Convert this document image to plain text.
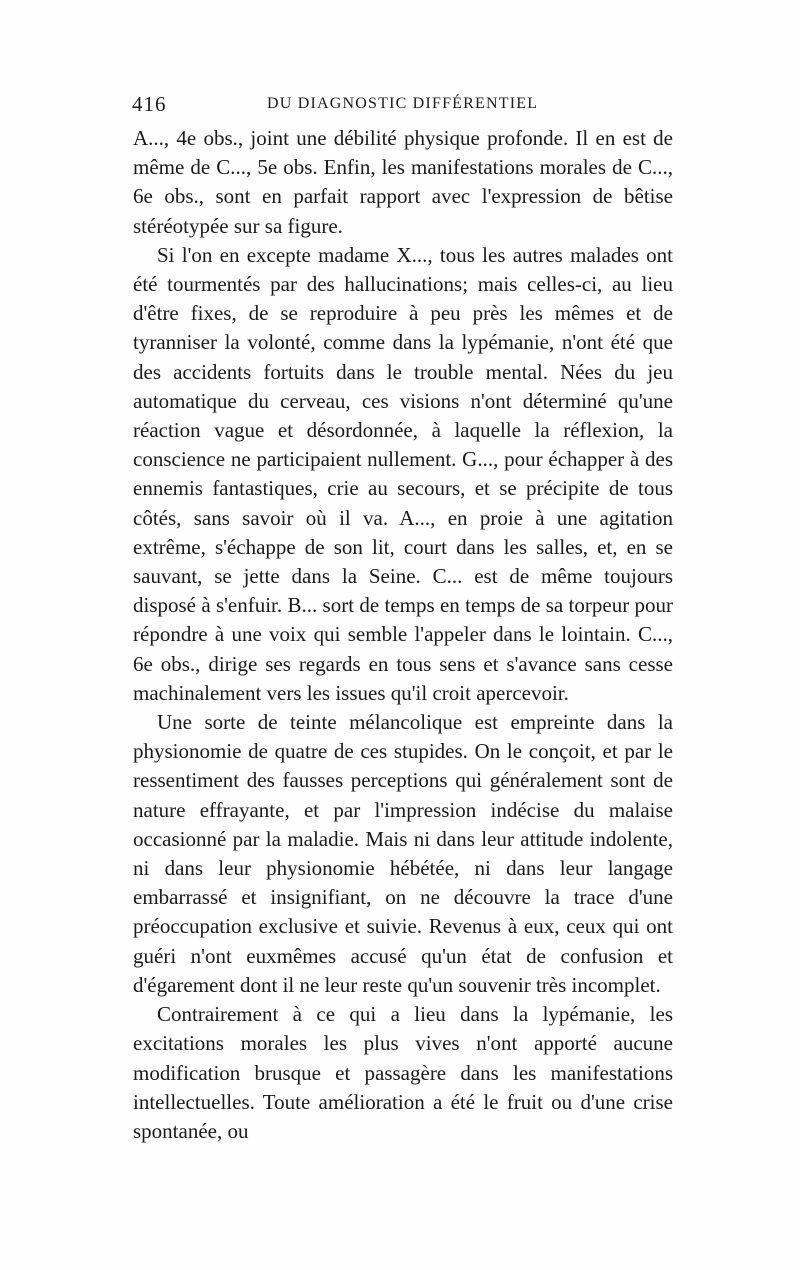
416	DU DIAGNOSTIC DIFFÉRENTIEL

A..., 4e obs., joint une débilité physique profonde. Il en est de même de C..., 5e obs. Enfin, les manifestations morales de C..., 6e obs., sont en parfait rapport avec l'expression de bêtise stéréotypée sur sa figure.

Si l'on en excepte madame X..., tous les autres malades ont été tourmentés par des hallucinations; mais celles-ci, au lieu d'être fixes, de se reproduire à peu près les mêmes et de tyranniser la volonté, comme dans la lypémanie, n'ont été que des accidents fortuits dans le trouble mental. Nées du jeu automatique du cerveau, ces visions n'ont déterminé qu'une réaction vague et désordonnée, à laquelle la réflexion, la conscience ne participaient nullement. G..., pour échapper à des ennemis fantastiques, crie au secours, et se précipite de tous côtés, sans savoir où il va. A..., en proie à une agitation extrême, s'échappe de son lit, court dans les salles, et, en se sauvant, se jette dans la Seine. C... est de même toujours disposé à s'enfuir. B... sort de temps en temps de sa torpeur pour répondre à une voix qui semble l'appeler dans le lointain. C..., 6e obs., dirige ses regards en tous sens et s'avance sans cesse machinalement vers les issues qu'il croit apercevoir.

Une sorte de teinte mélancolique est empreinte dans la physionomie de quatre de ces stupides. On le conçoit, et par le ressentiment des fausses perceptions qui généralement sont de nature effrayante, et par l'impression indécise du malaise occasionné par la maladie. Mais ni dans leur attitude indolente, ni dans leur physionomie hébétée, ni dans leur langage embarrassé et insignifiant, on ne découvre la trace d'une préoccupation exclusive et suivie. Revenus à eux, ceux qui ont guéri n'ont euxmêmes accusé qu'un état de confusion et d'égarement dont il ne leur reste qu'un souvenir très incomplet.

Contrairement à ce qui a lieu dans la lypémanie, les excitations morales les plus vives n'ont apporté aucune modification brusque et passagère dans les manifestations intellectuelles. Toute amélioration a été le fruit ou d'une crise spontanée, ou
